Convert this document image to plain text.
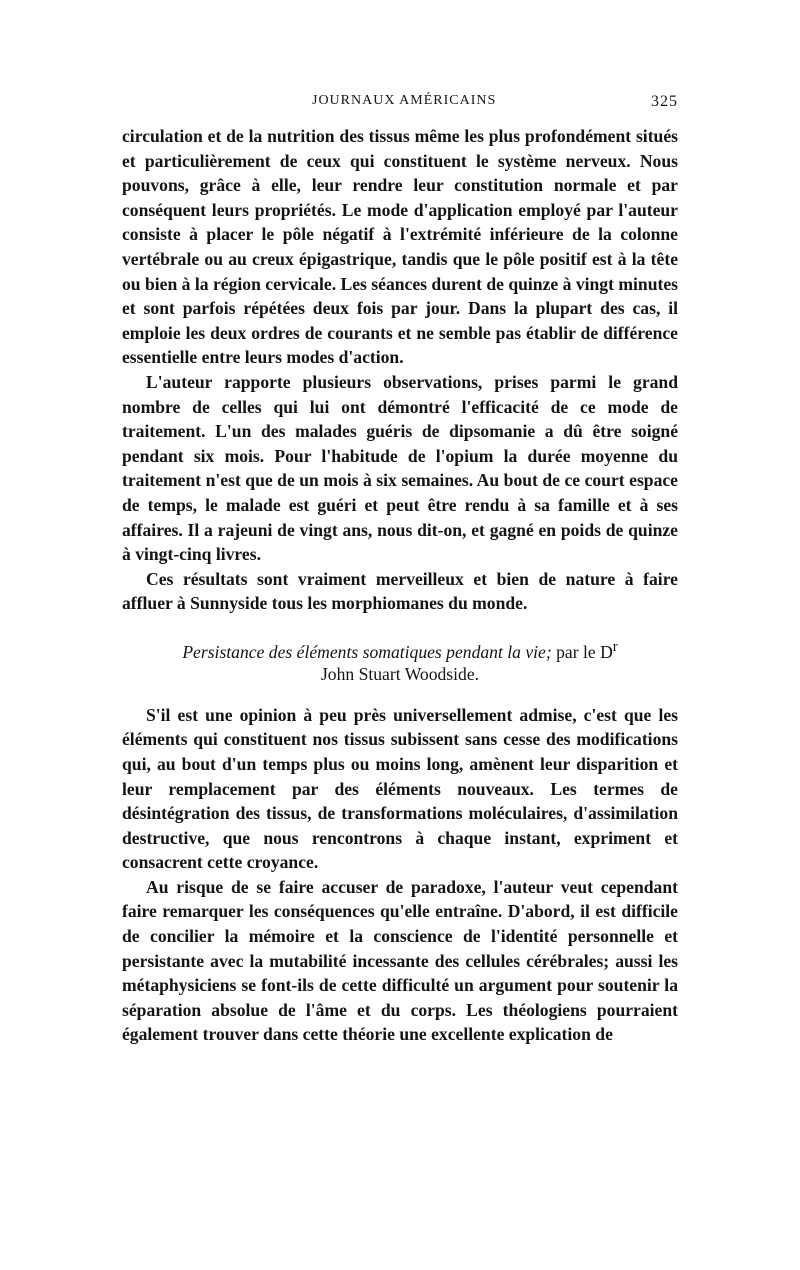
JOURNAUX AMÉRICAINS	325

circulation et de la nutrition des tissus même les plus profondément situés et particulièrement de ceux qui constituent le système nerveux. Nous pouvons, grâce à elle, leur rendre leur constitution normale et par conséquent leurs propriétés. Le mode d'application employé par l'auteur consiste à placer le pôle négatif à l'extrémité inférieure de la colonne vertébrale ou au creux épigastrique, tandis que le pôle positif est à la tête ou bien à la région cervicale. Les séances durent de quinze à vingt minutes et sont parfois répétées deux fois par jour. Dans la plupart des cas, il emploie les deux ordres de courants et ne semble pas établir de différence essentielle entre leurs modes d'action.

L'auteur rapporte plusieurs observations, prises parmi le grand nombre de celles qui lui ont démontré l'efficacité de ce mode de traitement. L'un des malades guéris de dipsomanie a dû être soigné pendant six mois. Pour l'habitude de l'opium la durée moyenne du traitement n'est que de un mois à six semaines. Au bout de ce court espace de temps, le malade est guéri et peut être rendu à sa famille et à ses affaires. Il a rajeuni de vingt ans, nous dit-on, et gagné en poids de quinze à vingt-cinq livres.

Ces résultats sont vraiment merveilleux et bien de nature à faire affluer à Sunnyside tous les morphiomanes du monde.

Persistance des éléments somatiques pendant la vie; par le $D^r$
John Stuart Woodside.

S'il est une opinion à peu près universellement admise, c'est que les éléments qui constituent nos tissus subissent sans cesse des modifications qui, au bout d'un temps plus ou moins long, amènent leur disparition et leur remplacement par des éléments nouveaux. Les termes de désintégration des tissus, de transformations moléculaires, d'assimilation destructive, que nous rencontrons à chaque instant, expriment et consacrent cette croyance.

Au risque de se faire accuser de paradoxe, l'auteur veut cependant faire remarquer les conséquences qu'elle entraîne. D'abord, il est difficile de concilier la mémoire et la conscience de l'identité personnelle et persistante avec la mutabilité incessante des cellules cérébrales; aussi les métaphysiciens se font-ils de cette difficulté un argument pour soutenir la séparation absolue de l'âme et du corps. Les théologiens pourraient également trouver dans cette théorie une excellente explication de
